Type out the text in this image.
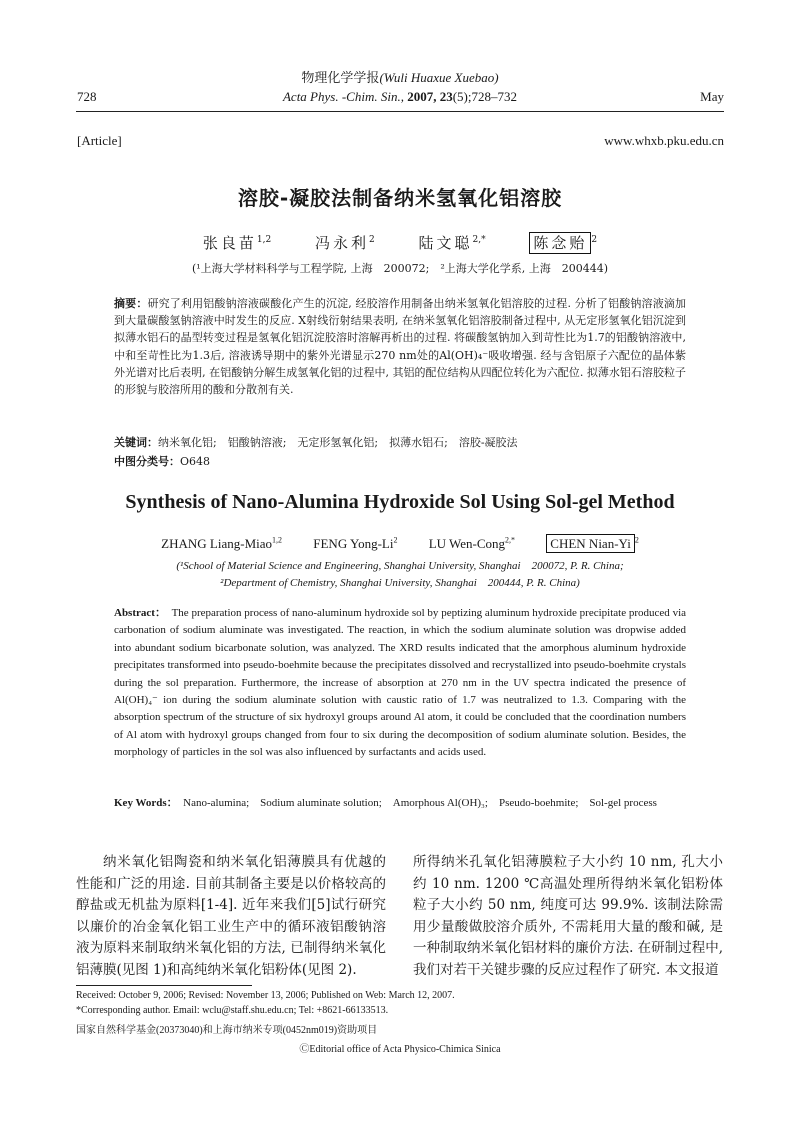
物理化学学报(Wuli Huaxue Xuebao)
728	Acta Phys. -Chim. Sin., 2007, 23(5);728–732	May
[Article]	www.whxb.pku.edu.cn
溶胶-凝胶法制备纳米氢氧化铝溶胶
张良苗$^{1,2}$	冯永利$^2$	陆文聪$^{2,*}$	陈念贻 $^2$
(¹上海大学材料科学与工程学院, 上海　200072;　²上海大学化学系, 上海　200444)
摘要：研究了利用铝酸钠溶液碳酸化产生的沉淀, 经胶溶作用制备出纳米氢氧化铝溶胶的过程. 分析了铝酸钠溶液滴加到大量碳酸氢钠溶液中时发生的反应. X射线衍射结果表明, 在纳米氢氧化铝溶胶制备过程中, 从无定形氢氧化铝沉淀到拟薄水铝石的晶型转变过程是氢氧化铝沉淀胶溶时溶解再析出的过程. 将碳酸氢钠加入到苛性比为1.7的铝酸钠溶液中, 中和至苛性比为1.3后, 溶液诱导期中的紫外光谱显示270 nm处的Al(OH)₄⁻吸收增强. 经与含铝原子六配位的晶体紫外光谱对比后表明, 在铝酸钠分解生成氢氧化铝的过程中, 其铝的配位结构从四配位转化为六配位. 拟薄水铝石溶胶粒子的形貌与胶溶所用的酸和分散剂有关.
关键词：纳米氧化铝;　铝酸钠溶液;　无定形氢氧化铝;　拟薄水铝石;　溶胶-凝胶法
中图分类号：O648
Synthesis of Nano-Alumina Hydroxide Sol Using Sol-gel Method
ZHANG Liang-Miao$^{1,2}$ FENG Yong-Li$^2$ LU Wen-Cong$^{2,*}$	CHEN Nian-Yi $^2$
(¹School of Material Science and Engineering, Shanghai University, Shanghai　200072, P. R. China;
²Department of Chemistry, Shanghai University, Shanghai　200444, P. R. China)
Abstract： The preparation process of nano-aluminum hydroxide sol by peptizing aluminum hydroxide precipitate produced via carbonation of sodium aluminate was investigated. The reaction, in which the sodium aluminate solution was dropwise added into abundant sodium bicarbonate solution, was analyzed. The XRD results indicated that the amorphous aluminum hydroxide precipitates transformed into pseudo-boehmite because the precipitates dissolved and recrystallized into pseudo-boehmite crystals during the sol preparation. Furthermore, the increase of absorption at 270 nm in the UV spectra indicated the presence of Al(OH)₄⁻ ion during the sodium aluminate solution with caustic ratio of 1.7 was neutralized to 1.3. Comparing with the absorption spectrum of the structure of six hydroxyl groups around Al atom, it could be concluded that the coordination numbers of Al atom with hydroxyl groups changed from four to six during the decomposition of sodium aluminate solution. Besides, the morphology of particles in the sol was also influenced by surfactants and acids used.
Key Words： Nano-alumina;　Sodium aluminate solution;　Amorphous Al(OH)₃;　Pseudo-boehmite;　Sol-gel process
纳米氧化铝陶瓷和纳米氧化铝薄膜具有优越的性能和广泛的用途. 目前其制备主要是以价格较高的醇盐或无机盐为原料[1-4]. 近年来我们[5]试行研究以廉价的冶金氧化铝工业生产中的循环液铝酸钠溶液为原料来制取纳米氧化铝的方法, 已制得纳米氧化铝薄膜(见图 1)和高纯纳米氧化铝粉体(见图 2).
所得纳米孔氧化铝薄膜粒子大小约 10 nm, 孔大小约 10 nm. 1200 ℃高温处理所得纳米氧化铝粉体粒子大小约 50 nm, 纯度可达 99.9%. 该制法除需用少量酸做胶溶介质外, 不需耗用大量的酸和碱, 是一种制取纳米氧化铝材料的廉价方法. 在研制过程中, 我们对若干关键步骤的反应过程作了研究. 本文报道
Received: October 9, 2006; Revised: November 13, 2006; Published on Web: March 12, 2007.
*Corresponding author. Email: wclu@staff.shu.edu.cn; Tel: +8621-66133513.
国家自然科学基金(20373040)和上海市纳米专项(0452nm019)资助项目
ⒸEditorial office of Acta Physico-Chimica Sinica
